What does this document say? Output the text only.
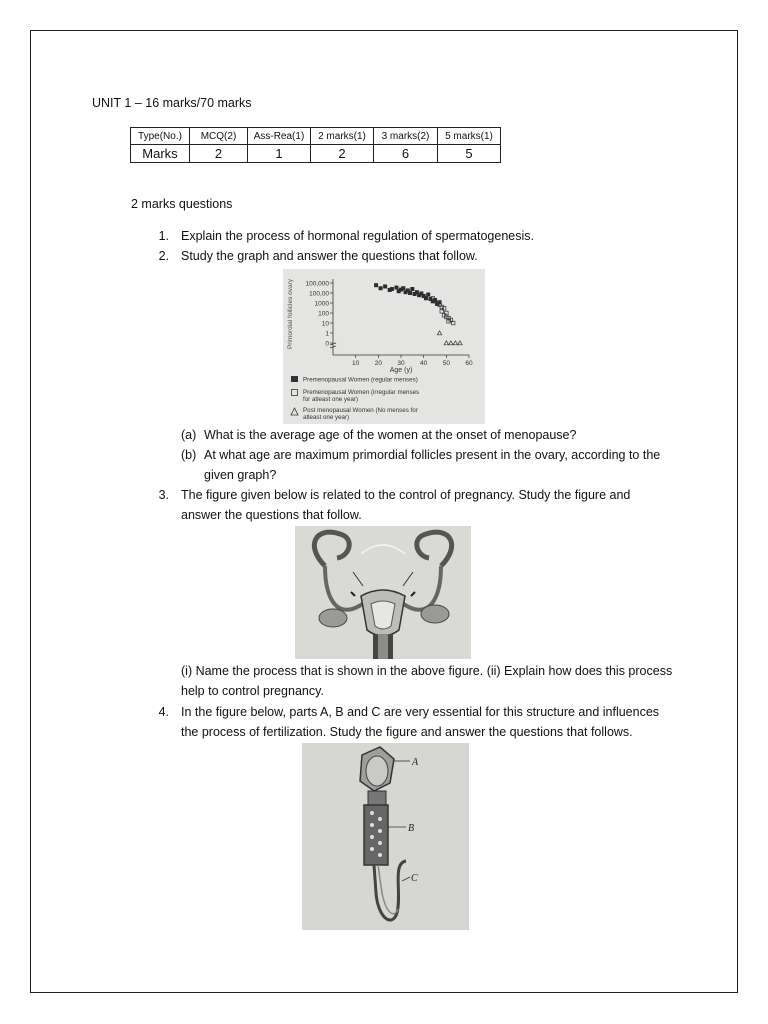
UNIT 1 – 16 marks/70 marks
Type(No.)	MCQ(2)	Ass-Rea(1)	2 marks(1)	3 marks(2)	5 marks(1)
Marks	2	1	2	6	5
2 marks questions
1. Explain the process of hormonal regulation of spermatogenesis.
2. Study the graph and answer the questions that follow.
Primordial follicles ovary 100,000
100,00
1000
100
10
1
0
10 20 30 40 50 60
Age (y)
Premenopausal Women (regular menses)
Premenopausal Women (irregular menses
for atleast one year)
Post menopausal Women (No menses for
atleast one year)
(a) What is the average age of the women at the onset of menopause?
(b) At what age are maximum primordial follicles present in the ovary, according to the
given graph?
3. The figure given below is related to the control of pregnancy. Study the figure and
answer the questions that follow.
(i) Name the process that is shown in the above figure. (ii) Explain how does this process
help to control pregnancy.
4. In the figure below, parts A, B and C are very essential for this structure and influences
the process of fertilization. Study the figure and answer the questions that follows.
A
B
C
